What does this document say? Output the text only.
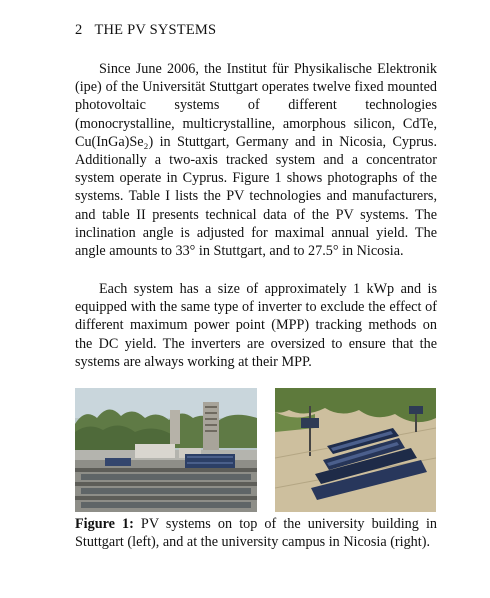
2 THE PV SYSTEMS
Since June 2006, the Institut für Physikalische Elektronik (ipe) of the Universität Stuttgart operates twelve fixed mounted photovoltaic systems of different technologies (monocrystalline, multicrystalline, amorphous silicon, CdTe, Cu(InGa)Se₂) in Stuttgart, Germany and in Nicosia, Cyprus. Additionally a two-axis tracked system and a concentrator system operate in Cyprus. Figure 1 shows photographs of the systems. Table I lists the PV technologies and manufacturers, and table II presents technical data of the PV systems. The inclination angle is adjusted for maximal annual yield. The angle amounts to 33° in Stuttgart, and to 27.5° in Nicosia.
Each system has a size of approximately 1 kWp and is equipped with the same type of inverter to exclude the effect of different maximum power point (MPP) tracking methods on the DC yield. The inverters are oversized to ensure that the systems are always working at their MPP.
Figure 1: PV systems on top of the university building in Stuttgart (left), and at the university campus in Nicosia (right).
